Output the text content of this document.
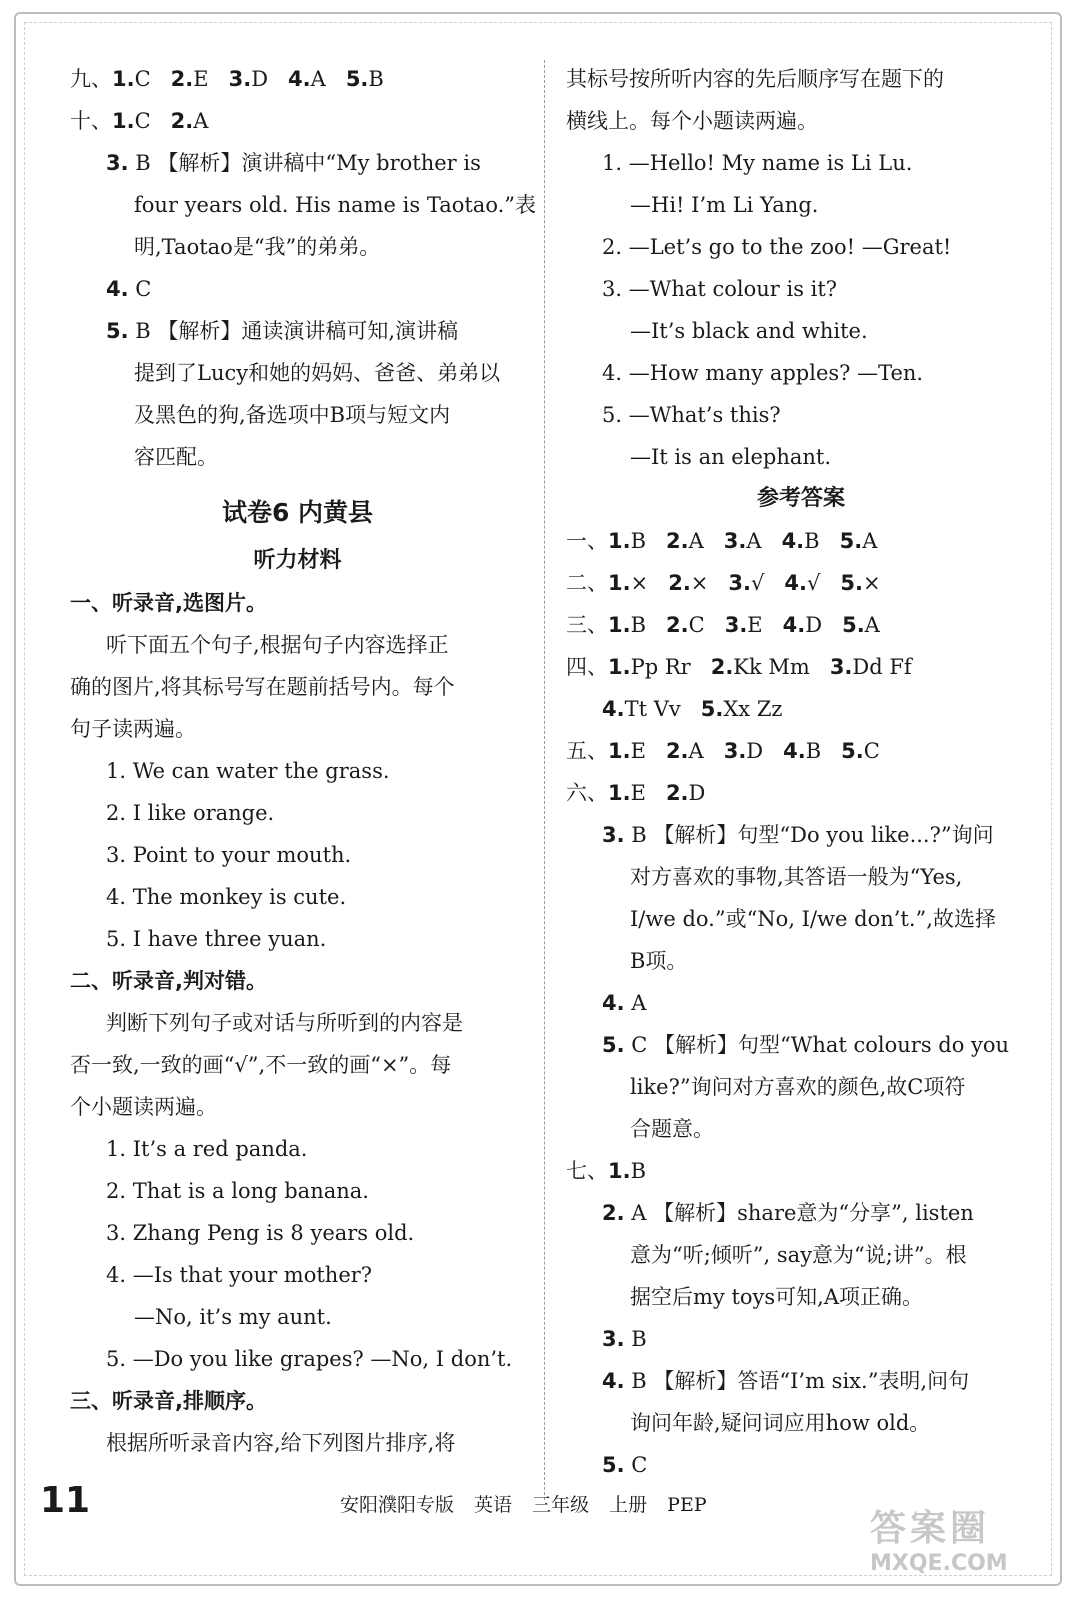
九、1.C 2.E 3.D 4.A 5.B
十、1.C 2.A
3. B 【解析】演讲稿中“My brother is
four years old. His name is Taotao.”表
明,Taotao是“我”的弟弟。
4. C
5. B 【解析】通读演讲稿可知,演讲稿
提到了Lucy和她的妈妈、爸爸、弟弟以
及黑色的狗,备选项中B项与短文内
容匹配。
试卷6 内黄县
听力材料
一、听录音,选图片。
听下面五个句子,根据句子内容选择正
确的图片,将其标号写在题前括号内。每个
句子读两遍。
1. We can water the grass.
2. I like orange.
3. Point to your mouth.
4. The monkey is cute.
5. I have three yuan.
二、听录音,判对错。
判断下列句子或对话与所听到的内容是
否一致,一致的画“√”,不一致的画“×”。每
个小题读两遍。
1. It’s a red panda.
2. That is a long banana.
3. Zhang Peng is 8 years old.
4. —Is that your mother?
—No, it’s my aunt.
5. —Do you like grapes? —No, I don’t.
三、听录音,排顺序。
根据所听录音内容,给下列图片排序,将
其标号按所听内容的先后顺序写在题下的
横线上。每个小题读两遍。
1. —Hello! My name is Li Lu.
—Hi! I’m Li Yang.
2. —Let’s go to the zoo! —Great!
3. —What colour is it?
—It’s black and white.
4. —How many apples? —Ten.
5. —What’s this?
—It is an elephant.
参考答案
一、1.B 2.A 3.A 4.B 5.A
二、1.× 2.× 3.√ 4.√ 5.×
三、1.B 2.C 3.E 4.D 5.A
四、1.Pp Rr 2.Kk Mm 3.Dd Ff
4.Tt Vv 5.Xx Zz
五、1.E 2.A 3.D 4.B 5.C
六、1.E 2.D
3. B 【解析】句型“Do you like...?”询问
对方喜欢的事物,其答语一般为“Yes,
I/we do.”或“No, I/we don’t.”,故选择
B项。
4. A
5. C 【解析】句型“What colours do you
like?”询问对方喜欢的颜色,故C项符
合题意。
七、1.B
2. A 【解析】share意为“分享”, listen
意为“听;倾听”, say意为“说;讲”。根
据空后my toys可知,A项正确。
3. B
4. B 【解析】答语“I’m six.”表明,问句
询问年龄,疑问词应用how old。
5. C
11	安阳濮阳专版 英语 三年级 上册 PEP
答案圈
MXQE.COM
